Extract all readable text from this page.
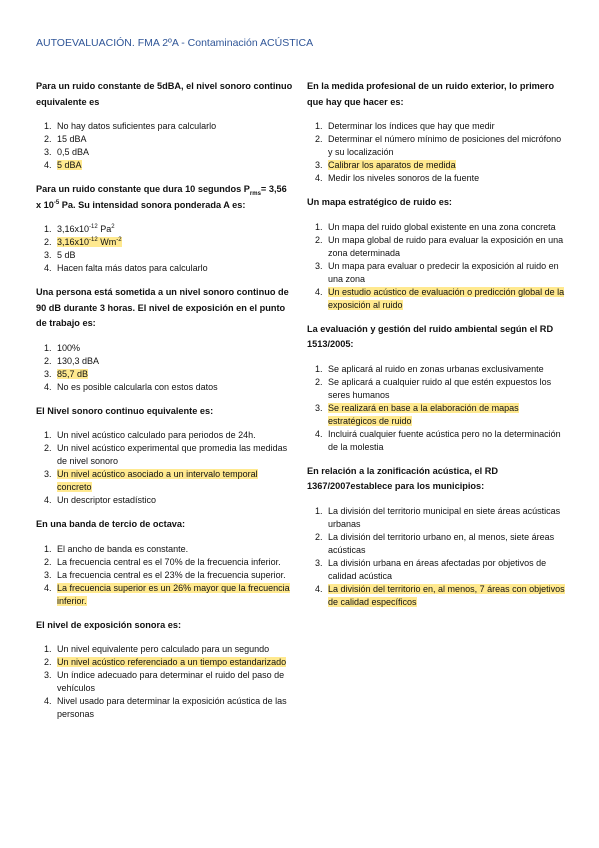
AUTOEVALUACIÓN. FMA 2ºA - Contaminación ACÚSTICA
Para un ruido constante de 5dBA, el nivel sonoro continuo equivalente es
1. No hay datos suficientes para calcularlo
2. 15 dBA
3. 0,5 dBA
4. 5 dBA
Para un ruido constante que dura 10 segundos $P_{rms}= 3,56$ x $10^{-5}$ Pa. Su intensidad sonora ponderada A es:
1. $3,16x10^{-12}$ Pa$^2$
2. $3,16x10^{-12}$ $Wm^{-2}$
3. 5 dB
4. Hacen falta más datos para calcularlo
Una persona está sometida a un nivel sonoro continuo de 90 dB durante 3 horas. El nivel de exposición en el punto de trabajo es:
1. 100%
2. 130,3 dBA
3. 85,7 dB
4. No es posible calcularla con estos datos
El Nivel sonoro continuo equivalente es:
1. Un nivel acústico calculado para periodos de 24h.
2. Un nivel acústico experimental que promedia las medidas de nivel sonoro
3. Un nivel acústico asociado a un intervalo temporal concreto
4. Un descriptor estadístico
En una banda de tercio de octava:
1. El ancho de banda es constante.
2. La frecuencia central es el 70% de la frecuencia inferior.
3. La frecuencia central es el 23% de la frecuencia superior.
4. La frecuencia superior es un 26% mayor que la frecuencia inferior.
El nivel de exposición sonora es:
1. Un nivel equivalente pero calculado para un segundo
2. Un nivel acústico referenciado a un tiempo estandarizado
3. Un índice adecuado para determinar el ruido del paso de vehículos
4. Nivel usado para determinar la exposición acústica de las personas
En la medida profesional de un ruido exterior, lo primero que hay que hacer es:
1. Determinar los índices que hay que medir
2. Determinar el número mínimo de posiciones del micrófono y su localización
3. Calibrar los aparatos de medida
4. Medir los niveles sonoros de la fuente
Un mapa estratégico de ruido es:
1. Un mapa del ruido global existente en una zona concreta
2. Un mapa global de ruido para evaluar la exposición en una zona determinada
3. Un mapa para evaluar o predecir la exposición al ruido en una zona
4. Un estudio acústico de evaluación o predicción global de la exposición al ruido
La evaluación y gestión del ruido ambiental según el RD 1513/2005:
1. Se aplicará al ruido en zonas urbanas exclusivamente
2. Se aplicará a cualquier ruido al que estén expuestos los seres humanos
3. Se realizará en base a la elaboración de mapas estratégicos de ruido
4. Incluirá cualquier fuente acústica pero no la determinación de la molestia
En relación a la zonificación acústica, el RD 1367/2007establece para los municipios:
1. La división del territorio municipal en siete áreas acústicas urbanas
2. La división del territorio urbano en, al menos, siete áreas acústicas
3. La división urbana en áreas afectadas por objetivos de calidad acústica
4. La división del territorio en, al menos, 7 áreas con objetivos de calidad específicos
